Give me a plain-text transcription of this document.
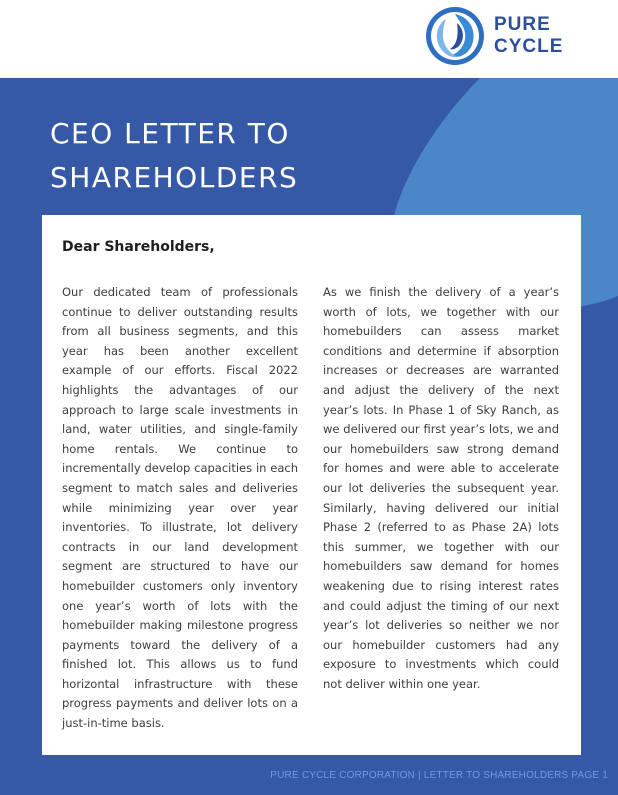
PURE
CYCLE
CEO LETTER TO
SHAREHOLDERS

Dear Shareholders,

Our dedicated team of professionals continue to deliver outstanding results from all business segments, and this year has been another excellent example of our efforts. Fiscal 2022 highlights the advantages of our approach to large scale investments in land, water utilities, and single-family home rentals. We continue to incrementally develop capacities in each segment to match sales and deliveries while minimizing year over year inventories. To illustrate, lot delivery contracts in our land development segment are structured to have our homebuilder customers only inventory one year’s worth of lots with the homebuilder making milestone progress payments toward the delivery of a finished lot. This allows us to fund horizontal infrastructure with these progress payments and deliver lots on a just-in-time basis.

As we finish the delivery of a year’s worth of lots, we together with our homebuilders can assess market conditions and determine if absorption increases or decreases are warranted and adjust the delivery of the next year’s lots. In Phase 1 of Sky Ranch, as we delivered our first year’s lots, we and our homebuilders saw strong demand for homes and were able to accelerate our lot deliveries the subsequent year. Similarly, having delivered our initial Phase 2 (referred to as Phase 2A) lots this summer, we together with our homebuilders saw demand for homes weakening due to rising interest rates and could adjust the timing of our next year’s lot deliveries so neither we nor our homebuilder customers had any exposure to investments which could not deliver within one year.

PURE CYCLE CORPORATION | LETTER TO SHAREHOLDERS PAGE 1
